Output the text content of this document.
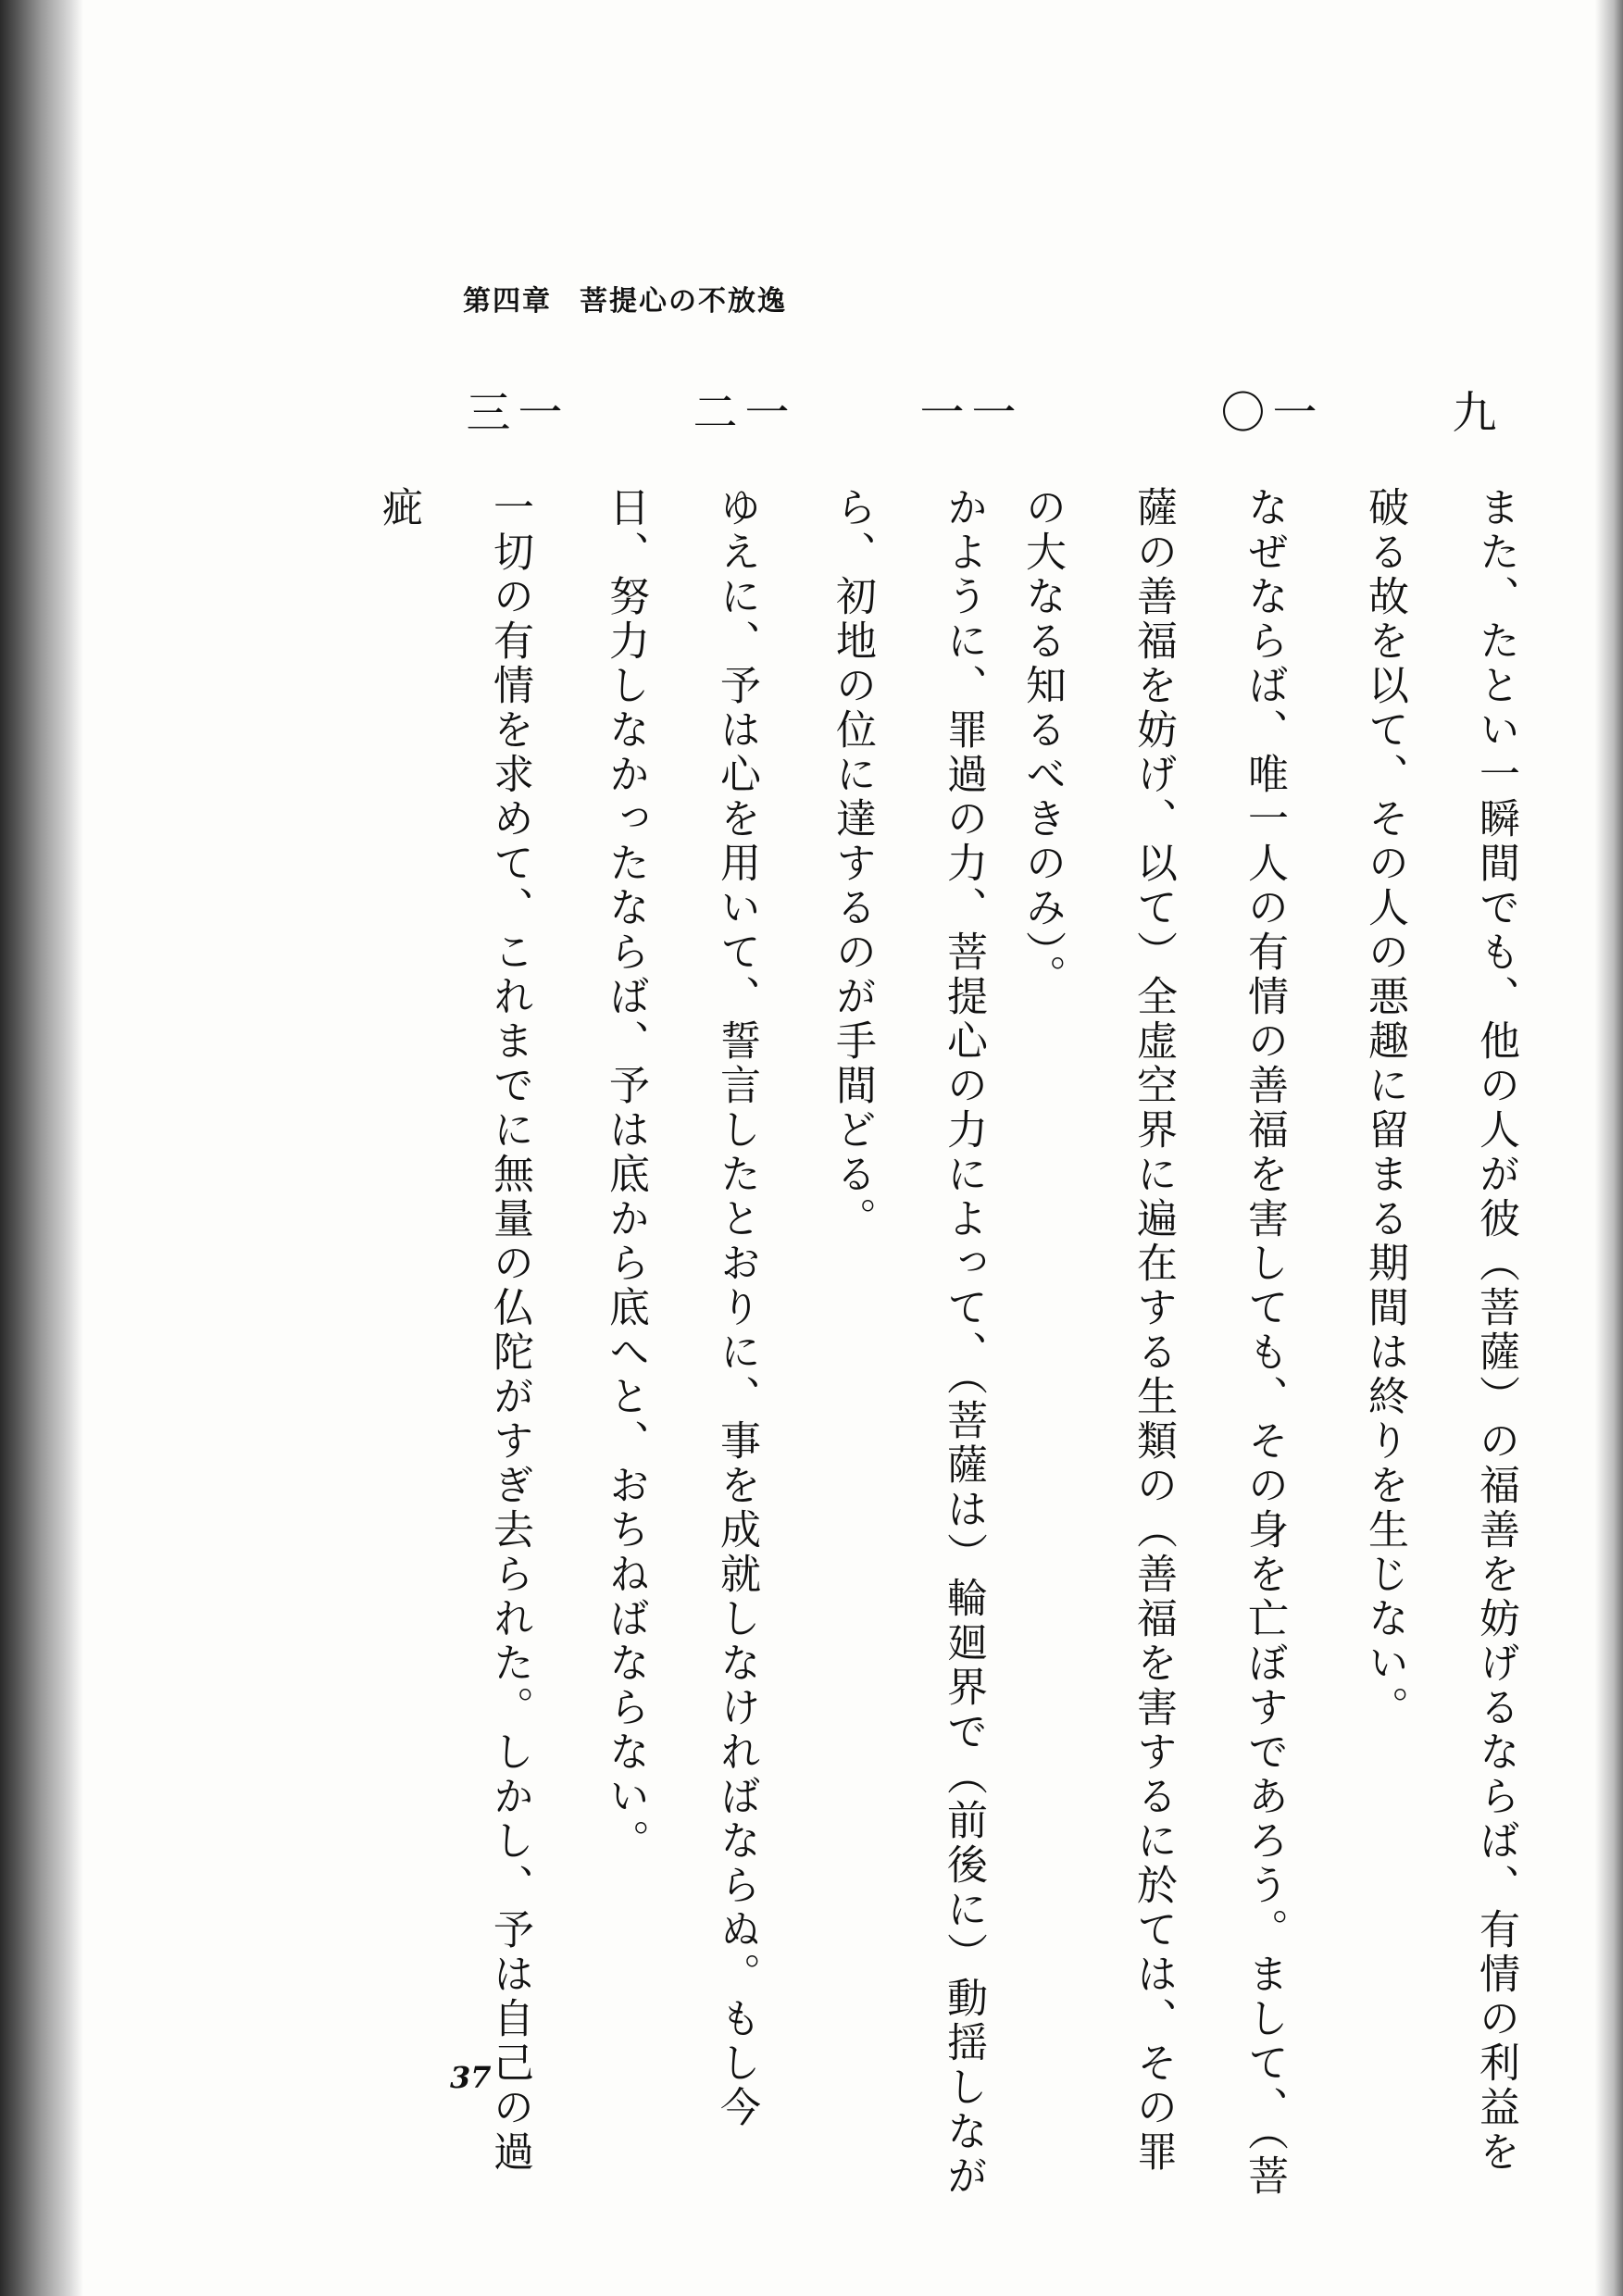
第四章 菩提心の不放逸
九
また、たとい一瞬間でも、他の人が彼（菩薩）の福善を妨げるならば、有情の利益を破る故を以て、その人の悪趣に留まる期間は終りを生じない。
一〇
なぜならば、唯一人の有情の善福を害しても、その身を亡ぼすであろう。まして、（菩薩の善福を妨げ、以て）全虚空界に遍在する生類の（善福を害するに於ては、その罪の大なる知るべきのみ）。
一一
かように、罪過の力、菩提心の力によって、（菩薩は）輪廻界で（前後に）動揺しながら、初地の位に達するのが手間どる。
一二
ゆえに、予は心を用いて、誓言したとおりに、事を成就しなければならぬ。もし今日、努力しなかったならば、予は底から底へと、おちねばならない。
一三
一切の有情を求めて、これまでに無量の仏陀がすぎ去られた。しかし、予は自己の過疵
37
